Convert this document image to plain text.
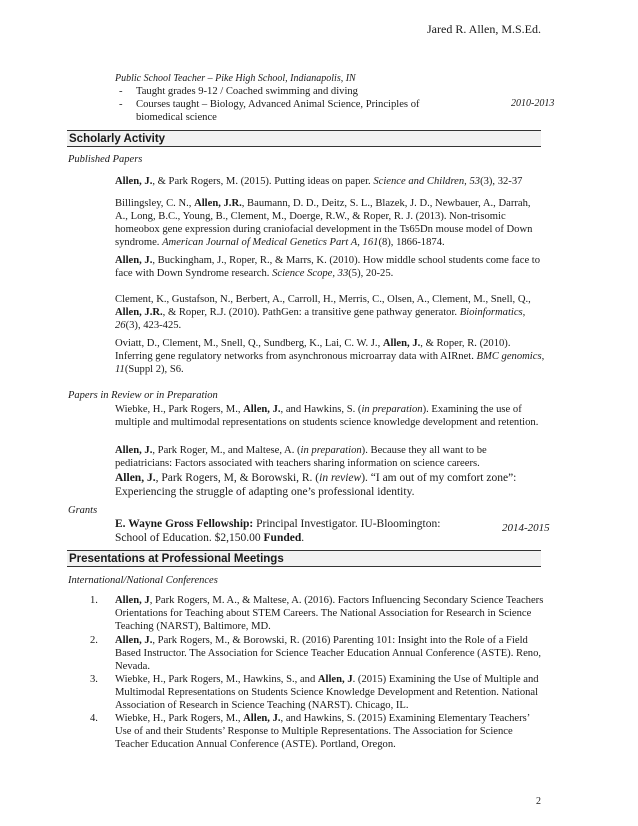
Jared R. Allen, M.S.Ed.
Public School Teacher – Pike High School, Indianapolis, IN
- Taught grades 9-12 / Coached swimming and diving
- Courses taught – Biology, Advanced Animal Science, Principles of biomedical science
2010-2013
Scholarly Activity
Published Papers
Allen, J., & Park Rogers, M. (2015). Putting ideas on paper. Science and Children, 53(3), 32-37
Billingsley, C. N., Allen, J.R., Baumann, D. D., Deitz, S. L., Blazek, J. D., Newbauer, A., Darrah, A., Long, B.C., Young, B., Clement, M., Doerge, R.W., & Roper, R. J. (2013). Non-trisomic homeobox gene expression during craniofacial development in the Ts65Dn mouse model of Down syndrome. American Journal of Medical Genetics Part A, 161(8), 1866-1874.
Allen, J., Buckingham, J., Roper, R., & Marrs, K. (2010). How middle school students come face to face with Down Syndrome research. Science Scope, 33(5), 20-25.
Clement, K., Gustafson, N., Berbert, A., Carroll, H., Merris, C., Olsen, A., Clement, M., Snell, Q., Allen, J.R., & Roper, R.J. (2010). PathGen: a transitive gene pathway generator. Bioinformatics, 26(3), 423-425.
Oviatt, D., Clement, M., Snell, Q., Sundberg, K., Lai, C. W. J., Allen, J., & Roper, R. (2010). Inferring gene regulatory networks from asynchronous microarray data with AIRnet. BMC genomics, 11(Suppl 2), S6.
Papers in Review or in Preparation
Wiebke, H., Park Rogers, M., Allen, J., and Hawkins, S. (in preparation). Examining the use of multiple and multimodal representations on students science knowledge development and retention.
Allen, J., Park Roger, M., and Maltese, A. (in preparation). Because they all want to be pediatricians: Factors associated with teachers sharing information on science careers.
Allen, J., Park Rogers, M, & Borowski, R. (in review). “I am out of my comfort zone”: Experiencing the struggle of adapting one’s professional identity.
Grants
E. Wayne Gross Fellowship: Principal Investigator. IU-Bloomington: School of Education. $2,150.00 Funded.
2014-2015
Presentations at Professional Meetings
International/National Conferences
1. Allen, J, Park Rogers, M. A., & Maltese, A. (2016). Factors Influencing Secondary Science Teachers Orientations for Teaching about STEM Careers. The National Association for Research in Science Teaching (NARST), Baltimore, MD.
2. Allen, J., Park Rogers, M., & Borowski, R. (2016) Parenting 101: Insight into the Role of a Field Based Instructor. The Association for Science Teacher Education Annual Conference (ASTE). Reno, Nevada.
3. Wiebke, H., Park Rogers, M., Hawkins, S., and Allen, J. (2015) Examining the Use of Multiple and Multimodal Representations on Students Science Knowledge Development and Retention. National Association of Research in Science Teaching (NARST). Chicago, IL.
4. Wiebke, H., Park Rogers, M., Allen, J., and Hawkins, S. (2015) Examining Elementary Teachers’ Use of and their Students’ Response to Multiple Representations. The Association for Science Teacher Education Annual Conference (ASTE). Portland, Oregon.
2
